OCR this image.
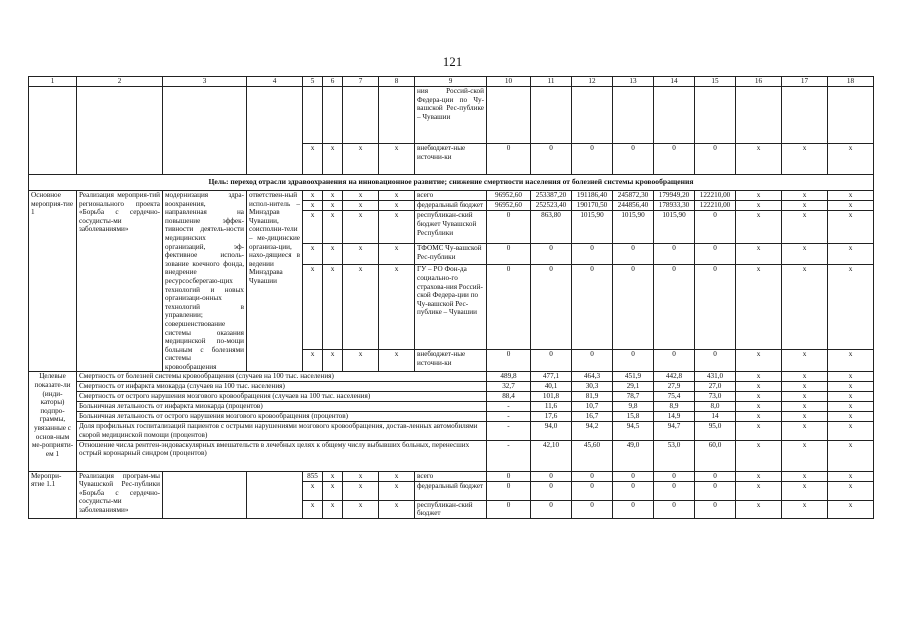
121
1	2	3	4	5	6	7	8	9	10	11	12	13	14	15	16	17	18
								ния Россий-ской Федера-ции по Чу-вашской Рес-публике – Чувашии									
				x	x	x	x	внебюджет-ные источни-ки	0	0	0	0	0	0	x	x	x
Цель: переход отрасли здравоохранения на инновационное развитие; снижение смертности населения от болезней системы кровообращения																	
Основное мероприя-тие 1	Реализация мероприя-тий регионального проекта «Борьба с сердечно-сосудисты-ми заболеваниями»	модернизация здра-воохранения, направленная на повышение эффек-тивности деятель-ности медицинских организаций, эф-фективное исполь-зование коечного фонда, внедрение ресурсосберегаю-щих технологий и новых организаци-онных технологий в управлении; совершенствование системы оказания медицинской по-мощи больным с болезнями системы кровообращения	ответствен-ный испол-нитель – Минздрав Чувашии, соисполни-тели – ме-дицинские организа-ции, нахо-дящиеся в ведении Минздрава Чувашии	x	x	x	x	всего	96952,60	253387,20	191186,40	245872,30	179949,20	122210,00	x	x	x
				x	x	x	x	федеральный бюджет	96952,60	252523,40	190170,50	244856,40	178933,30	122210,00	x	x	x
				x	x	x	x	республикан-ский бюджет Чувашской Республики	0	863,80	1015,90	1015,90	1015,90	0	x	x	x
				x	x	x	x	ТФОМС Чу-вашской Рес-публики	0	0	0	0	0	0	x	x	x
				x	x	x	x	ГУ – РО Фон-да социально-го страхова-ния Россий-ской Федера-ции по Чу-вашской Рес-публике – Чувашии	0	0	0	0	0	0	x	x	x
				x	x	x	x	внебюджет-ные источни-ки	0	0	0	0	0	0	x	x	x
Целевые показате-ли (инди-каторы) подпро-граммы, увязанные с основ-ным ме-роприяти-ем 1	Смертность от болезней системы кровообращения (случаев на 100 тыс. населения)								489,8	477,1	464,3	451,9	442,8	431,0	x	x	x
	Смертность от инфаркта миокарда (случаев на 100 тыс. населения)								32,7	40,1	30,3	29,1	27,9	27,0	x	x	x
	Смертность от острого нарушения мозгового кровообращения (случаев на 100 тыс. населения)								88,4	101,8	81,9	78,7	75,4	73,0	x	x	x
	Больничная летальность от инфаркта миокарда (процентов)								-	11,6	10,7	9,8	8,9	8,0	x	x	x
	Больничная летальность от острого нарушения мозгового кровообращения (процентов)								-	17,6	16,7	15,8	14,9	14	x	x	x
	Доля профильных госпитализаций пациентов с острыми нарушениями мозгового кровообращения, достав-ленных автомобилями скорой медицинской помощи (процентов)								-	94,0	94,2	94,5	94,7	95,0	x	x	x
	Отношение числа рентген-эндоваскулярных вмешательств в лечебных целях к общему числу выбывших больных, перенесших острый коронарный синдром (процентов)								-	42,10	45,60	49,0	53,0	60,0	x	x	x
Меропри-ятие 1.1	Реализация програм-мы Чувашской Рес-публики «Борьба с сердечно-сосудисты-ми заболеваниями»			855	x	x	x	всего	0	0	0	0	0	0	x	x	x
				x	x	x	x	федеральный бюджет	0	0	0	0	0	0	x	x	x
				x	x	x	x	республикан-ский бюджет	0	0	0	0	0	0	x	x	x
